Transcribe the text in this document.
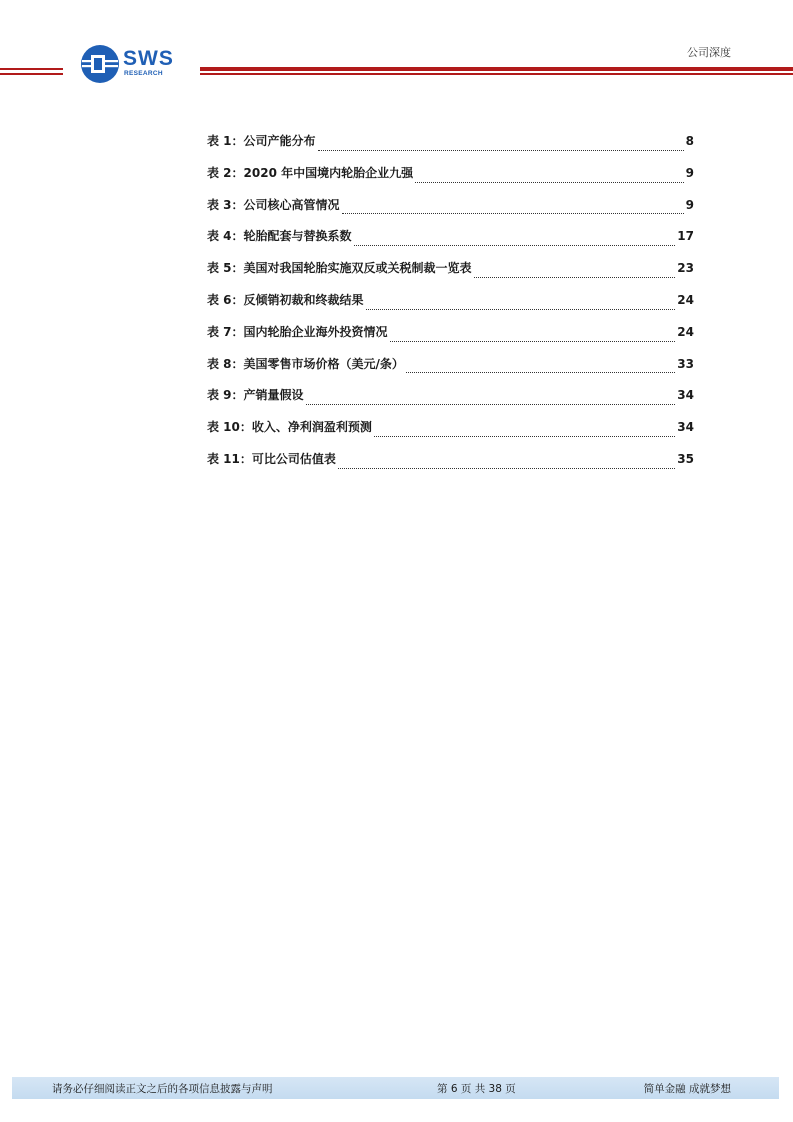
SWS
RESEARCH
公司深度
表 1：公司产能分布	8
表 2：2020 年中国境内轮胎企业九强	9
表 3：公司核心高管情况	9
表 4：轮胎配套与替换系数	17
表 5：美国对我国轮胎实施双反或关税制裁一览表	23
表 6：反倾销初裁和终裁结果	24
表 7：国内轮胎企业海外投资情况	24
表 8：美国零售市场价格（美元/条）	33
表 9：产销量假设	34
表 10：收入、净利润盈利预测	34
表 11：可比公司估值表	35
请务必仔细阅读正文之后的各项信息披露与声明	第 6 页 共 38 页	简单金融 成就梦想
